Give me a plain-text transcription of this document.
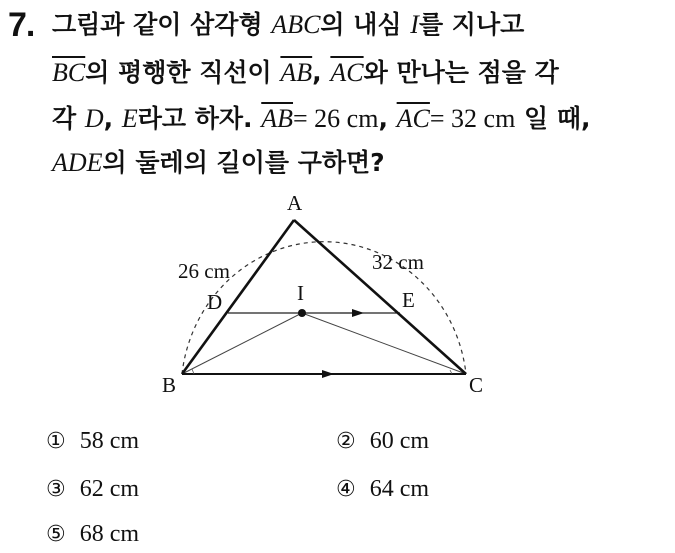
7. 그림과 같이 삼각형 ABC의 내심 I를 지나고
$\overline{BC}$의 평행한 직선이 $\overline{AB}$, $\overline{AC}$와 만나는 점을 각
각 D, E라고 하자. $\overline{AB}= 26$ cm, $\overline{AC}= 32$ cm 일 때,
ADE의 둘레의 길이를 구하면?
A
B	C
D	E
I
26 cm	32 cm
① 58 cm	② 60 cm
③ 62 cm	④ 64 cm
⑤ 68 cm
